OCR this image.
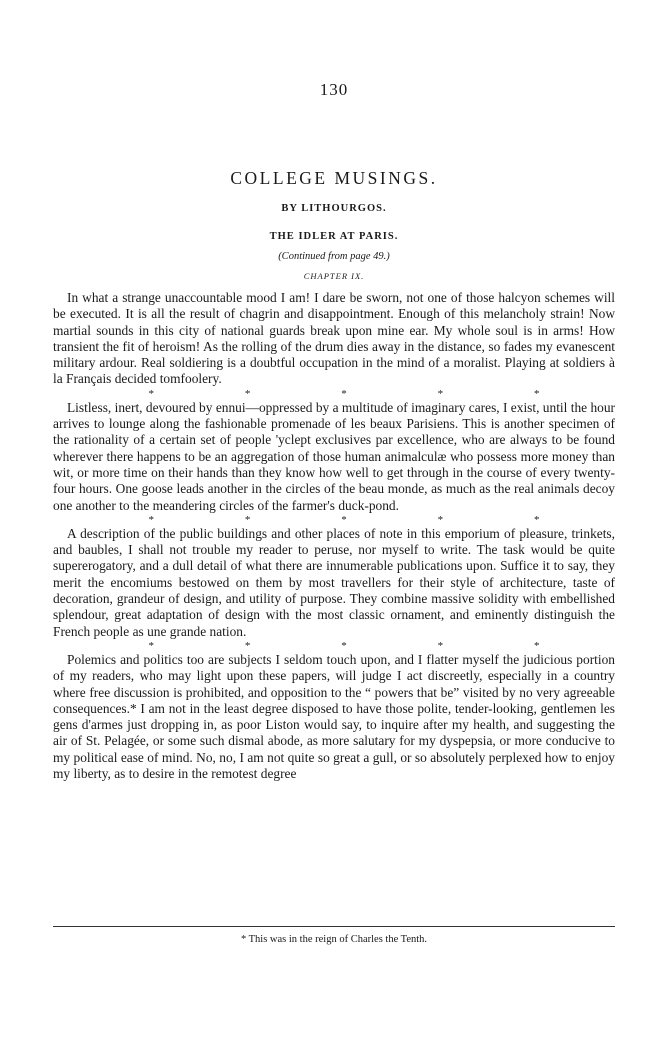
130
COLLEGE MUSINGS.
BY LITHOURGOS.
THE IDLER AT PARIS.
(Continued from page 49.)
CHAPTER IX.

In what a strange unaccountable mood I am! I dare be sworn, not one of those halcyon schemes will be executed. It is all the result of chagrin and disappointment. Enough of this melancholy strain! Now martial sounds in this city of national guards break upon mine ear. My whole soul is in arms! How transient the fit of heroism! As the rolling of the drum dies away in the distance, so fades my evanescent military ardour. Real soldiering is a doubtful occupation in the mind of a moralist. Playing at soldiers à la Français decided tomfoolery.

*	*	*	*	*

Listless, inert, devoured by ennui—oppressed by a multitude of imaginary cares, I exist, until the hour arrives to lounge along the fashionable promenade of les beaux Parisiens. This is another specimen of the rationality of a certain set of people 'yclept exclusives par excellence, who are always to be found wherever there happens to be an aggregation of those human animalculæ who possess more money than wit, or more time on their hands than they know how well to get through in the course of every twenty-four hours. One goose leads another in the circles of the beau monde, as much as the real animals decoy one another to the meandering circles of the farmer's duck-pond.

*	*	*	*	*

A description of the public buildings and other places of note in this emporium of pleasure, trinkets, and baubles, I shall not trouble my reader to peruse, nor myself to write. The task would be quite supererogatory, and a dull detail of what there are innumerable publications upon. Suffice it to say, they merit the encomiums bestowed on them by most travellers for their style of architecture, taste of decoration, grandeur of design, and utility of purpose. They combine massive solidity with embellished splendour, great adaptation of design with the most classic ornament, and eminently distinguish the French people as une grande nation.

*	*	*	*	*

Polemics and politics too are subjects I seldom touch upon, and I flatter myself the judicious portion of my readers, who may light upon these papers, will judge I act discreetly, especially in a country where free discussion is prohibited, and opposition to the “ powers that be” visited by no very agreeable consequences.* I am not in the least degree disposed to have those polite, tender-looking, gentlemen les gens d'armes just dropping in, as poor Liston would say, to inquire after my health, and suggesting the air of St. Pelagée, or some such dismal abode, as more salutary for my dyspepsia, or more conducive to my political ease of mind. No, no, I am not quite so great a gull, or so absolutely perplexed how to enjoy my liberty, as to desire in the remotest degree

* This was in the reign of Charles the Tenth.
